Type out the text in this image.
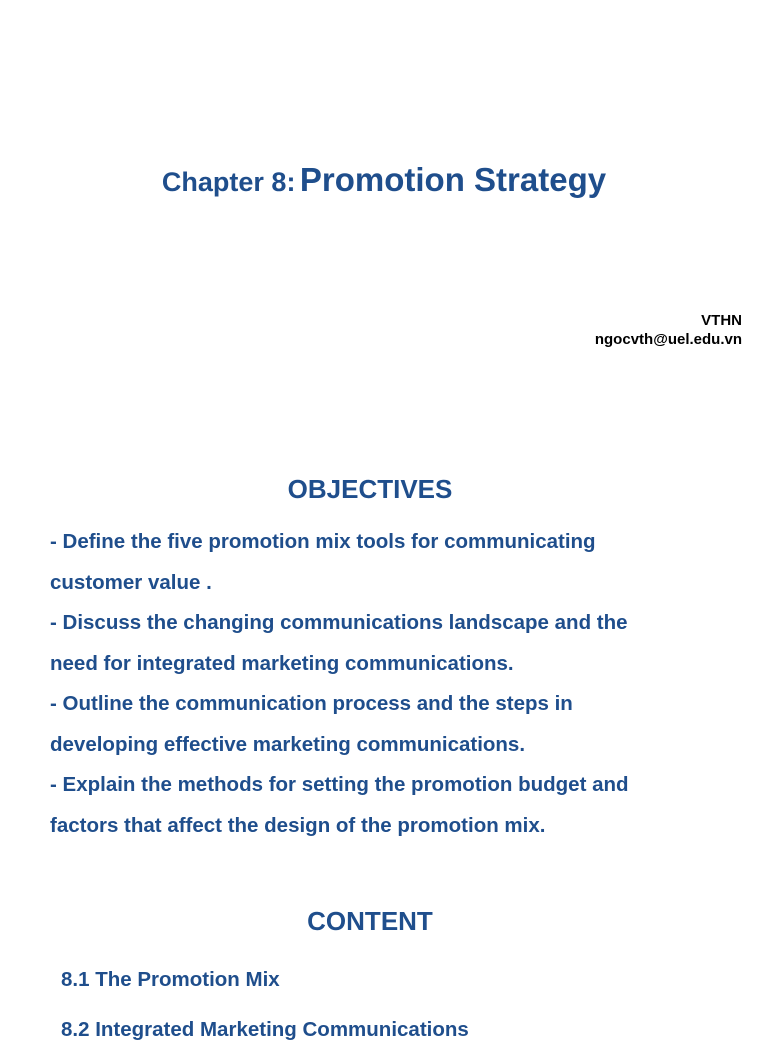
Chapter 8: Promotion Strategy
VTHN
ngocvth@uel.edu.vn
OBJECTIVES
- Define the five promotion mix tools for communicating
customer value .
- Discuss the changing communications landscape and the
need for integrated marketing communications.
- Outline the communication process and the steps in
developing effective marketing communications.
- Explain the methods for setting the promotion budget and
factors that affect the design of the promotion mix.
CONTENT
8.1 The Promotion Mix
8.2 Integrated Marketing Communications
